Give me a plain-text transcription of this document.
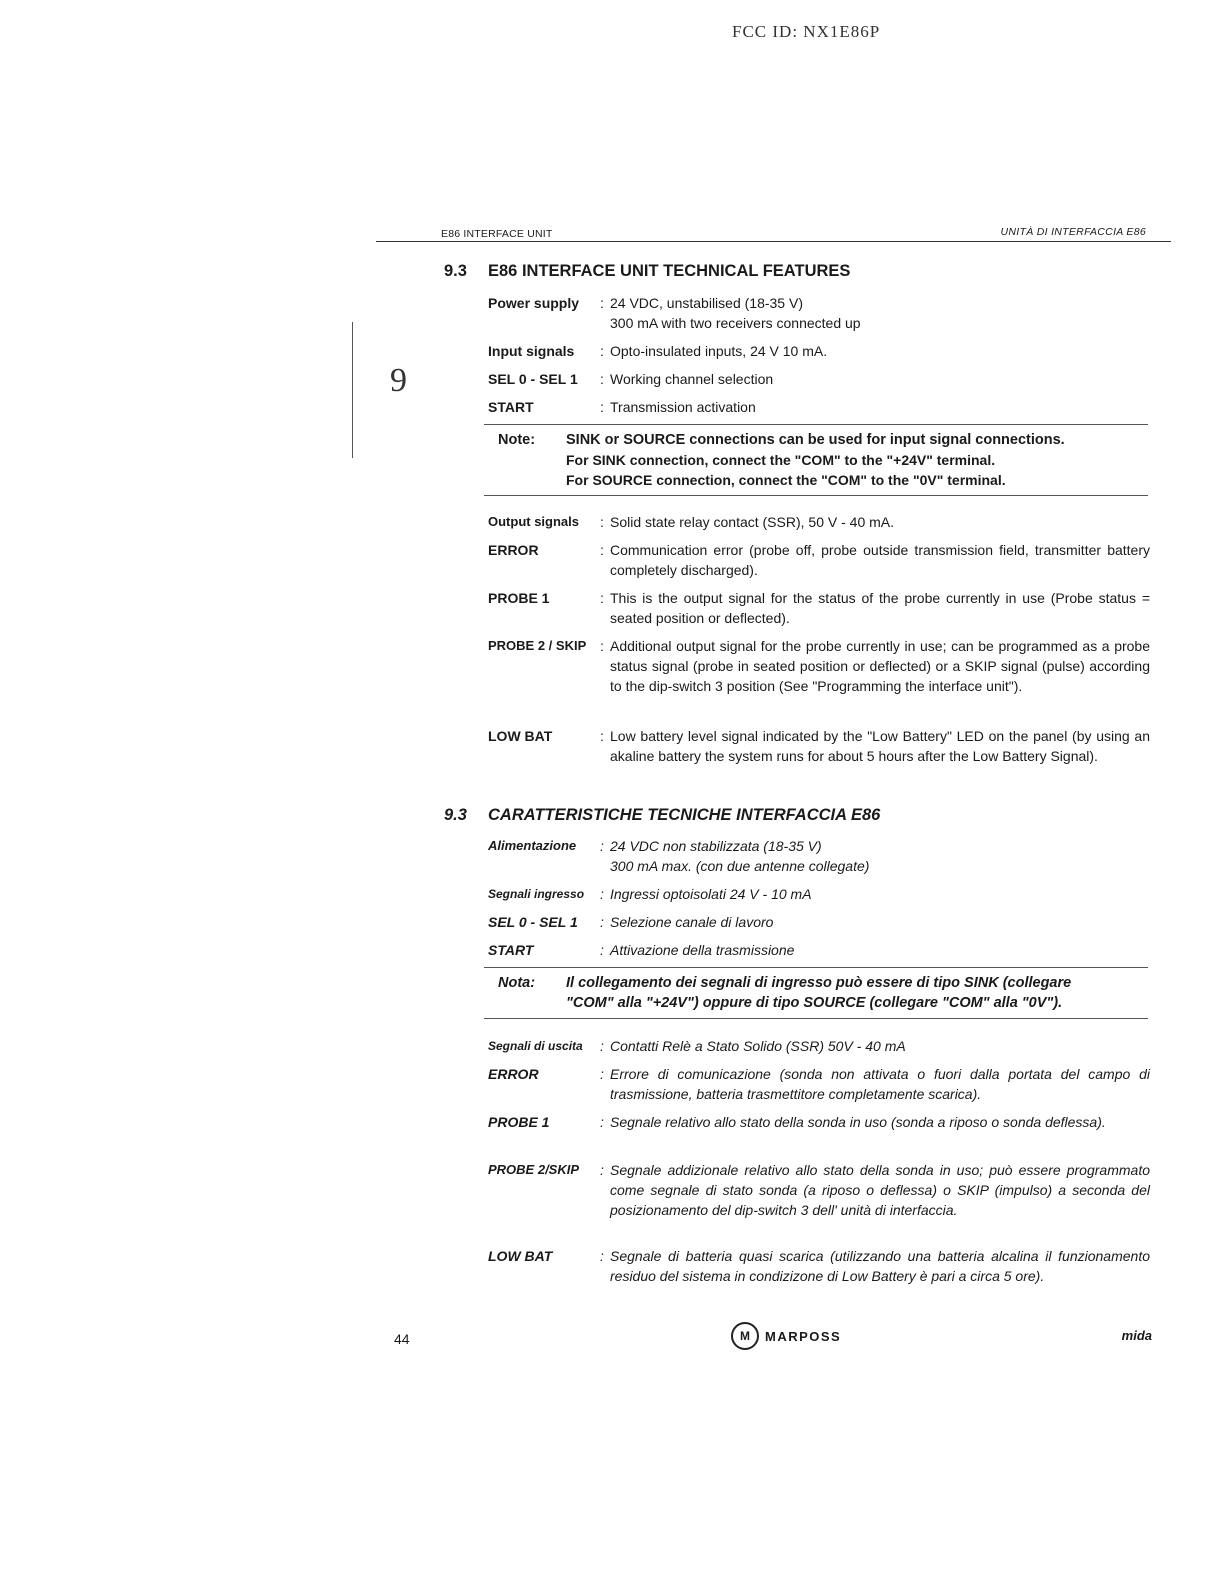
FCC ID: NX1E86P
E86 INTERFACE UNIT	UNITÀ DI INTERFACCIA E86
9
9.3 E86 INTERFACE UNIT TECHNICAL FEATURES
Power supply : 24 VDC, unstabilised (18-35 V)
300 mA with two receivers connected up
Input signals : Opto-insulated inputs, 24 V 10 mA.
SEL 0 - SEL 1 : Working channel selection
START	: Transmission activation
Note: SINK or SOURCE connections can be used for input signal connections.
For SINK connection, connect the "COM" to the "+24V" terminal.
For SOURCE connection, connect the "COM" to the "0V" terminal.
Output signals : Solid state relay contact (SSR), 50 V - 40 mA.
ERROR	: Communication error (probe off, probe outside transmission field, transmitter battery completely discharged).
PROBE 1	: This is the output signal for the status of the probe currently in use (Probe status = seated position or deflected).
PROBE 2 / SKIP : Additional output signal for the probe currently in use; can be programmed as a probe status signal (probe in seated position or deflected) or a SKIP signal (pulse) according to the dip-switch 3 position (See "Programming the interface unit").
LOW BAT	: Low battery level signal indicated by the "Low Battery" LED on the panel (by using an akaline battery the system runs for about 5 hours after the Low Battery Signal).
9.3 CARATTERISTICHE TECNICHE INTERFACCIA E86
Alimentazione : 24 VDC non stabilizzata (18-35 V)
300 mA max. (con due antenne collegate)
Segnali ingresso : Ingressi optoisolati 24 V - 10 mA
SEL 0 - SEL 1 : Selezione canale di lavoro
START	: Attivazione della trasmissione
Nota: Il collegamento dei segnali di ingresso può essere di tipo SINK (collegare
"COM" alla "+24V") oppure di tipo SOURCE (collegare "COM" alla "0V").
Segnali di uscita : Contatti Relè a Stato Solido (SSR) 50V - 40 mA
ERROR	: Errore di comunicazione (sonda non attivata o fuori dalla portata del campo di trasmissione, batteria trasmettitore completamente scarica).
PROBE 1	: Segnale relativo allo stato della sonda in uso (sonda a riposo o sonda deflessa).
PROBE 2/SKIP : Segnale addizionale relativo allo stato della sonda in uso; può essere programmato come segnale di stato sonda (a riposo o deflessa) o SKIP (impulso) a seconda del posizionamento del dip-switch 3 dell' unità di interfaccia.
LOW BAT	: Segnale di batteria quasi scarica (utilizzando una batteria alcalina il funzionamento residuo del sistema in condizizone di Low Battery è pari a circa 5 ore).
44	M	MARPOSS	mida
